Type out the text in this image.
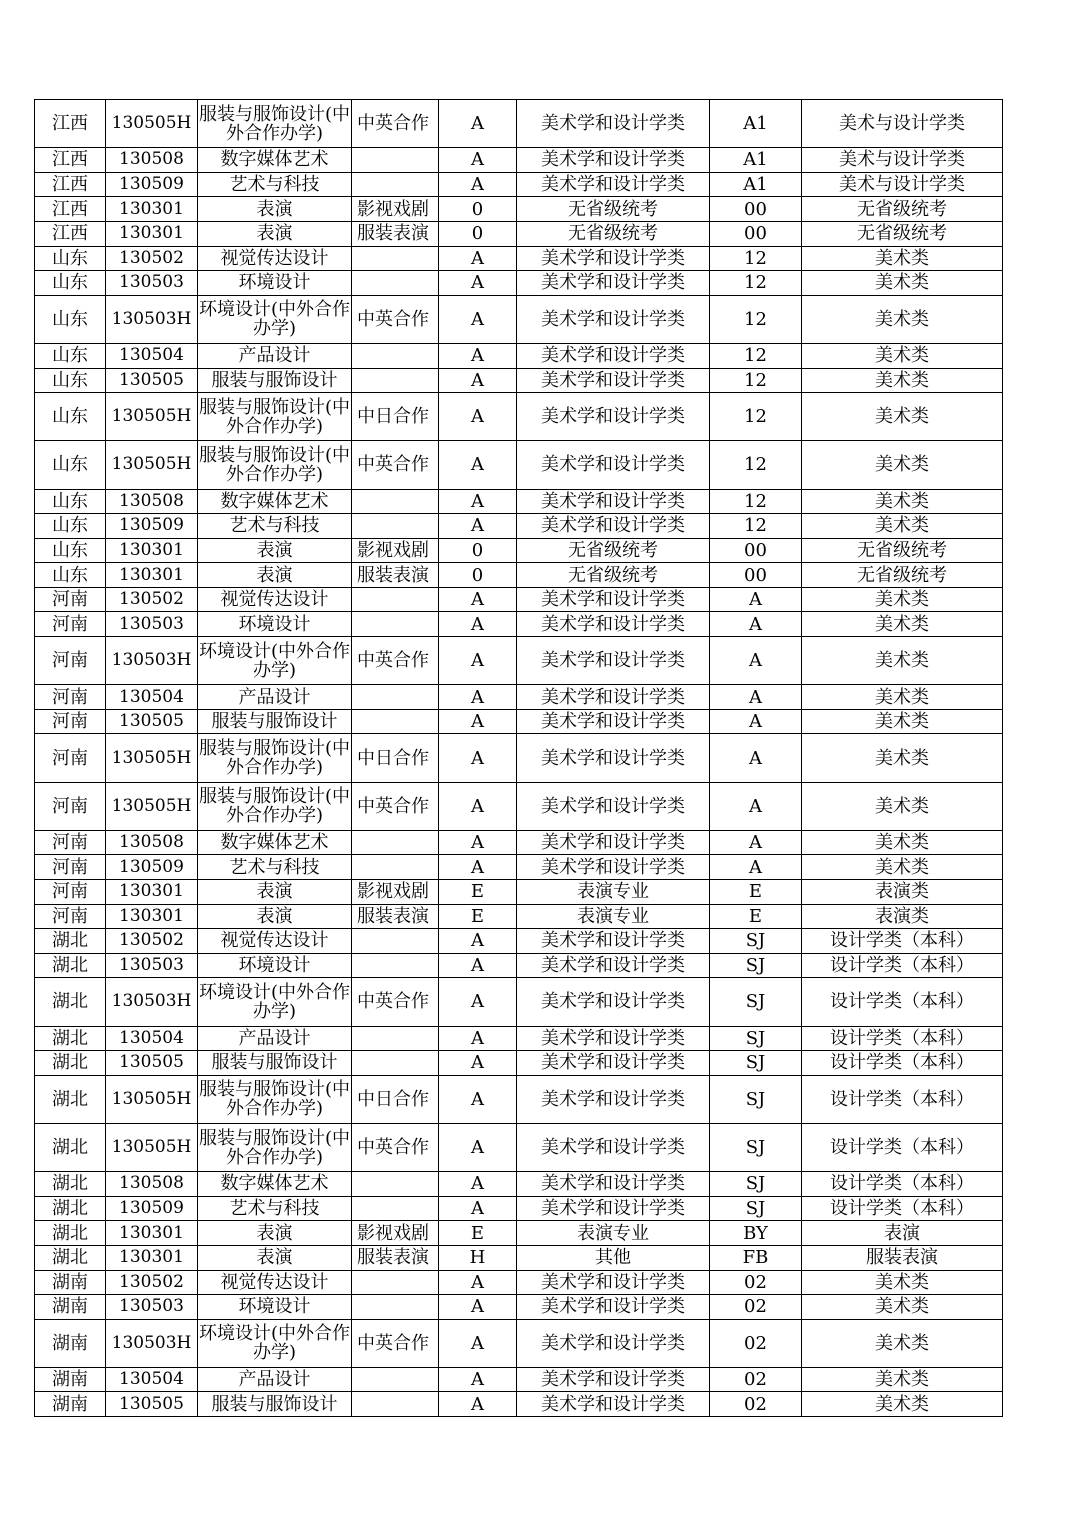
江西	130505H	服装与服饰设计(中外合作办学)	中英合作	A	美术学和设计学类	A1	美术与设计学类
江西	130508	数字媒体艺术		A	美术学和设计学类	A1	美术与设计学类
江西	130509	艺术与科技		A	美术学和设计学类	A1	美术与设计学类
江西	130301	表演	影视戏剧	0	无省级统考	00	无省级统考
江西	130301	表演	服装表演	0	无省级统考	00	无省级统考
山东	130502	视觉传达设计		A	美术学和设计学类	12	美术类
山东	130503	环境设计		A	美术学和设计学类	12	美术类
山东	130503H	环境设计(中外合作办学)	中英合作	A	美术学和设计学类	12	美术类
山东	130504	产品设计		A	美术学和设计学类	12	美术类
山东	130505	服装与服饰设计		A	美术学和设计学类	12	美术类
山东	130505H	服装与服饰设计(中外合作办学)	中日合作	A	美术学和设计学类	12	美术类
山东	130505H	服装与服饰设计(中外合作办学)	中英合作	A	美术学和设计学类	12	美术类
山东	130508	数字媒体艺术		A	美术学和设计学类	12	美术类
山东	130509	艺术与科技		A	美术学和设计学类	12	美术类
山东	130301	表演	影视戏剧	0	无省级统考	00	无省级统考
山东	130301	表演	服装表演	0	无省级统考	00	无省级统考
河南	130502	视觉传达设计		A	美术学和设计学类	A	美术类
河南	130503	环境设计		A	美术学和设计学类	A	美术类
河南	130503H	环境设计(中外合作办学)	中英合作	A	美术学和设计学类	A	美术类
河南	130504	产品设计		A	美术学和设计学类	A	美术类
河南	130505	服装与服饰设计		A	美术学和设计学类	A	美术类
河南	130505H	服装与服饰设计(中外合作办学)	中日合作	A	美术学和设计学类	A	美术类
河南	130505H	服装与服饰设计(中外合作办学)	中英合作	A	美术学和设计学类	A	美术类
河南	130508	数字媒体艺术		A	美术学和设计学类	A	美术类
河南	130509	艺术与科技		A	美术学和设计学类	A	美术类
河南	130301	表演	影视戏剧	E	表演专业	E	表演类
河南	130301	表演	服装表演	E	表演专业	E	表演类
湖北	130502	视觉传达设计		A	美术学和设计学类	SJ	设计学类（本科）
湖北	130503	环境设计		A	美术学和设计学类	SJ	设计学类（本科）
湖北	130503H	环境设计(中外合作办学)	中英合作	A	美术学和设计学类	SJ	设计学类（本科）
湖北	130504	产品设计		A	美术学和设计学类	SJ	设计学类（本科）
湖北	130505	服装与服饰设计		A	美术学和设计学类	SJ	设计学类（本科）
湖北	130505H	服装与服饰设计(中外合作办学)	中日合作	A	美术学和设计学类	SJ	设计学类（本科）
湖北	130505H	服装与服饰设计(中外合作办学)	中英合作	A	美术学和设计学类	SJ	设计学类（本科）
湖北	130508	数字媒体艺术		A	美术学和设计学类	SJ	设计学类（本科）
湖北	130509	艺术与科技		A	美术学和设计学类	SJ	设计学类（本科）
湖北	130301	表演	影视戏剧	E	表演专业	BY	表演
湖北	130301	表演	服装表演	H	其他	FB	服装表演
湖南	130502	视觉传达设计		A	美术学和设计学类	02	美术类
湖南	130503	环境设计		A	美术学和设计学类	02	美术类
湖南	130503H	环境设计(中外合作办学)	中英合作	A	美术学和设计学类	02	美术类
湖南	130504	产品设计		A	美术学和设计学类	02	美术类
湖南	130505	服装与服饰设计		A	美术学和设计学类	02	美术类
